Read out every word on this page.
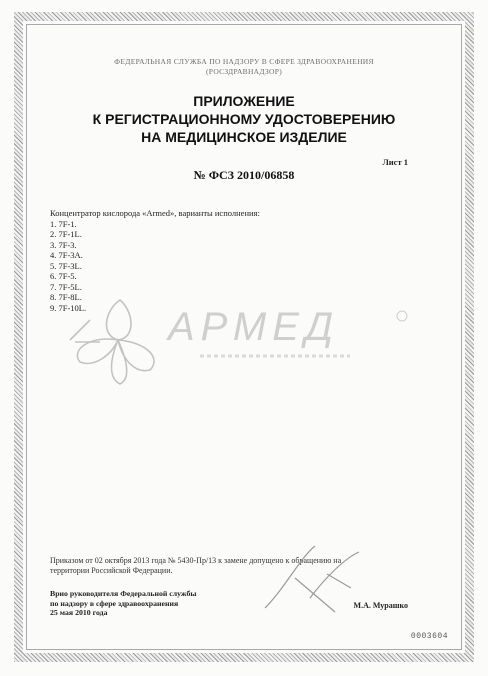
ФЕДЕРАЛЬНАЯ СЛУЖБА ПО НАДЗОРУ В СФЕРЕ ЗДРАВООХРАНЕНИЯ
(РОСЗДРАВНАДЗОР)
ПРИЛОЖЕНИЕ
К РЕГИСТРАЦИОННОМУ УДОСТОВЕРЕНИЮ
НА МЕДИЦИНСКОЕ ИЗДЕЛИЕ
Лист 1
№ ФСЗ 2010/06858
Концентратор кислорода «Armed», варианты исполнения:
1. 7F-1.
2. 7F-1L.
3. 7F-3.
4. 7F-3A.
5. 7F-3L.
6. 7F-5.
7. 7F-5L.
8. 7F-8L.
9. 7F-10L.	АРМЕД
Приказом от 02 октября 2013 года № 5430-Пр/13 к замене допущено к обращению на
территории Российской Федерации.
Врио руководителя Федеральной службы
по надзору в сфере здравоохранения
25 мая 2010 года
М.А. Мурашко
0003604
